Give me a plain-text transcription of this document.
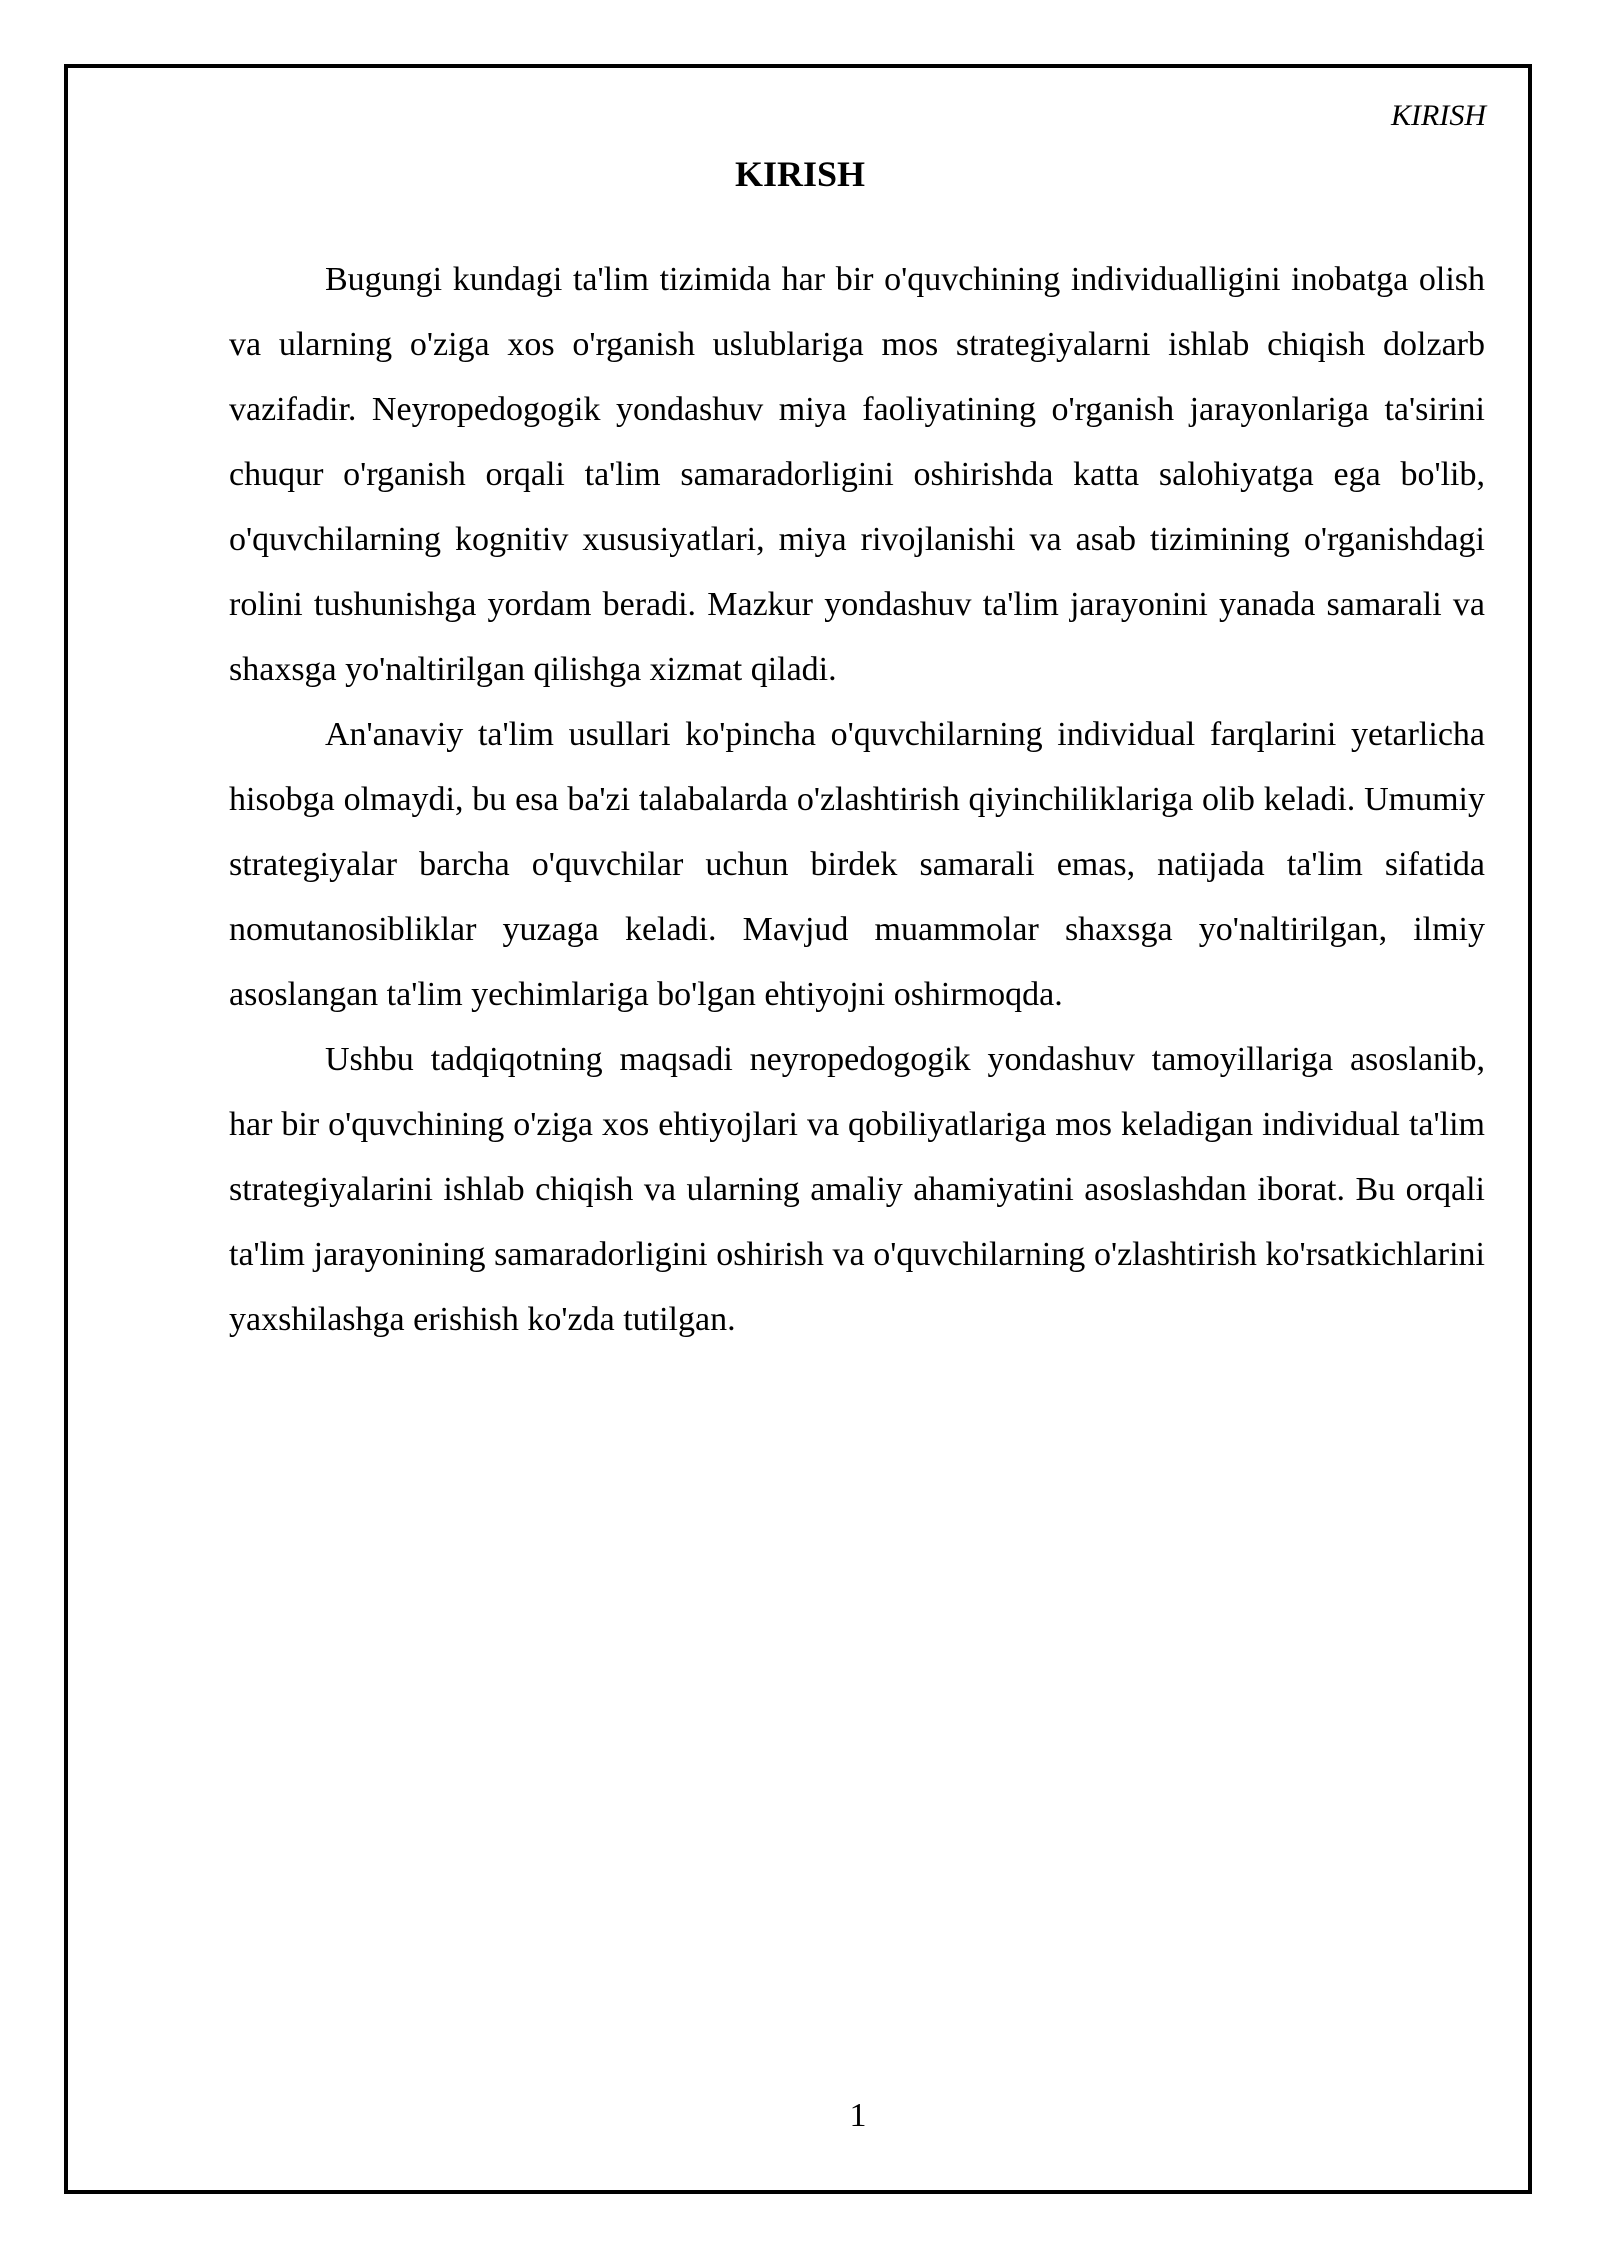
KIRISH

KIRISH

Bugungi kundagi ta'lim tizimida har bir o'quvchining individualligini inobatga olish va ularning o'ziga xos o'rganish uslublariga mos strategiyalarni ishlab chiqish dolzarb vazifadir. Neyropedogogik yondashuv miya faoliyatining o'rganish jarayonlariga ta'sirini chuqur o'rganish orqali ta'lim samaradorligini oshirishda katta salohiyatga ega bo'lib, o'quvchilarning kognitiv xususiyatlari, miya rivojlanishi va asab tizimining o'rganishdagi rolini tushunishga yordam beradi. Mazkur yondashuv ta'lim jarayonini yanada samarali va shaxsga yo'naltirilgan qilishga xizmat qiladi.

An'anaviy ta'lim usullari ko'pincha o'quvchilarning individual farqlarini yetarlicha hisobga olmaydi, bu esa ba'zi talabalarda o'zlashtirish qiyinchiliklariga olib keladi. Umumiy strategiyalar barcha o'quvchilar uchun birdek samarali emas, natijada ta'lim sifatida nomutanosibliklar yuzaga keladi. Mavjud muammolar shaxsga yo'naltirilgan, ilmiy asoslangan ta'lim yechimlariga bo'lgan ehtiyojni oshirmoqda.

Ushbu tadqiqotning maqsadi neyropedogogik yondashuv tamoyillariga asoslanib, har bir o'quvchining o'ziga xos ehtiyojlari va qobiliyatlariga mos keladigan individual ta'lim strategiyalarini ishlab chiqish va ularning amaliy ahamiyatini asoslashdan iborat. Bu orqali ta'lim jarayonining samaradorligini oshirish va o'quvchilarning o'zlashtirish ko'rsatkichlarini yaxshilashga erishish ko'zda tutilgan.

1
